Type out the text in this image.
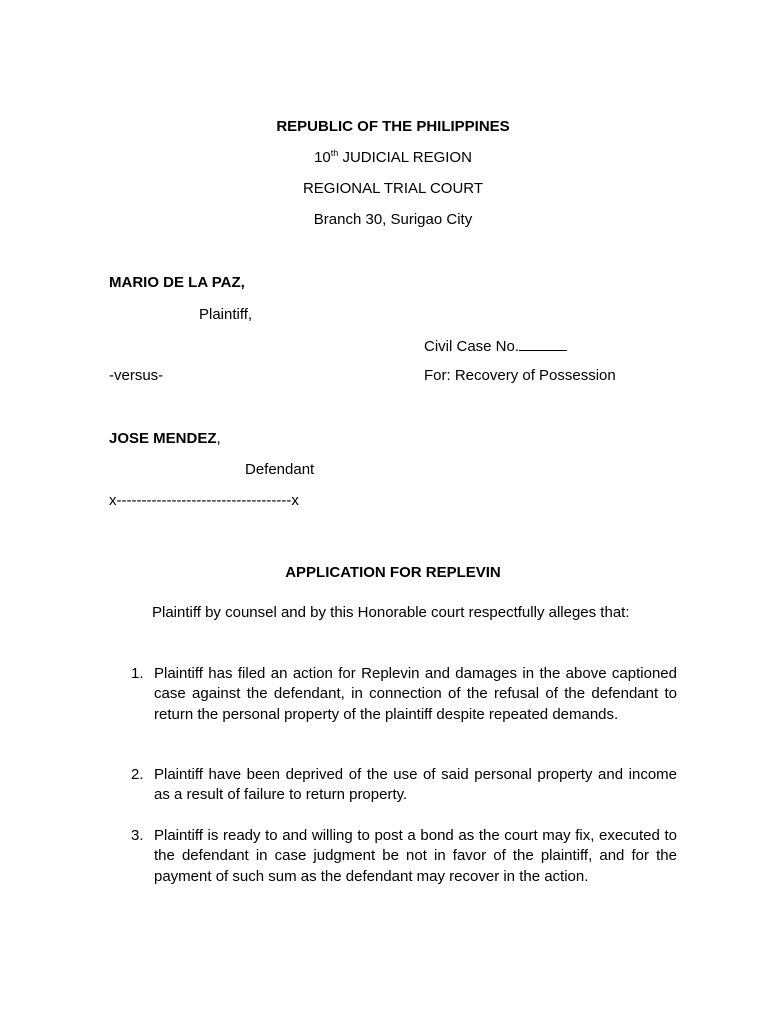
REPUBLIC OF THE PHILIPPINES
10th JUDICIAL REGION
REGIONAL TRIAL COURT
Branch 30, Surigao City
MARIO DE LA PAZ,
Plaintiff,
Civil Case No.
-versus-	For: Recovery of Possession
JOSE MENDEZ,
Defendant
x-----------------------------------x
APPLICATION FOR REPLEVIN
Plaintiff by counsel and by this Honorable court respectfully alleges that:
1. Plaintiff has filed an action for Replevin and damages in the above captioned case against the defendant, in connection of the refusal of the defendant to return the personal property of the plaintiff despite repeated demands.
2. Plaintiff have been deprived of the use of said personal property and income as a result of failure to return property.
3. Plaintiff is ready to and willing to post a bond as the court may fix, executed to the defendant in case judgment be not in favor of the plaintiff, and for the payment of such sum as the defendant may recover in the action.
